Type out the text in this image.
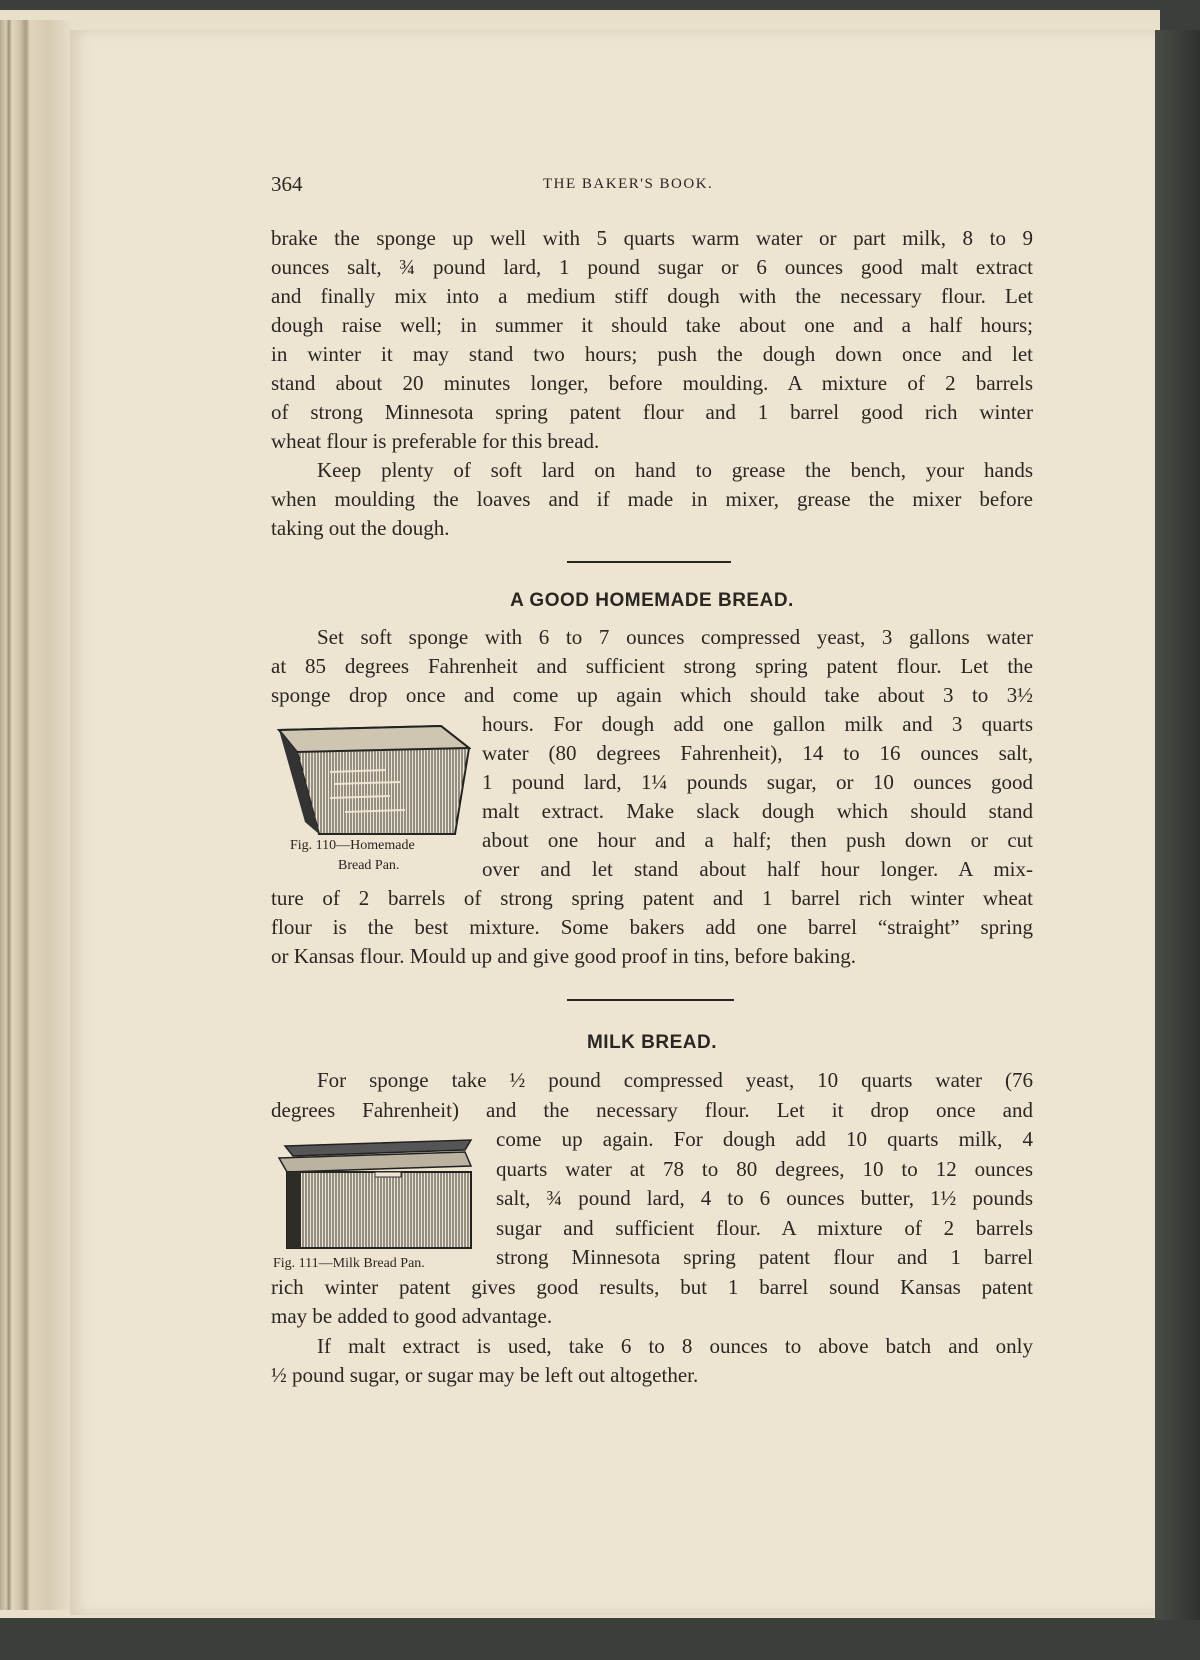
364	THE BAKER'S BOOK.
brake the sponge up well with 5 quarts warm water or part milk, 8 to 9
ounces salt, ¾ pound lard, 1 pound sugar or 6 ounces good malt extract
and finally mix into a medium stiff dough with the necessary flour. Let
dough raise well; in summer it should take about one and a half hours;
in winter it may stand two hours; push the dough down once and let
stand about 20 minutes longer, before moulding. A mixture of 2 barrels
of strong Minnesota spring patent flour and 1 barrel good rich winter
wheat flour is preferable for this bread.
Keep plenty of soft lard on hand to grease the bench, your hands
when moulding the loaves and if made in mixer, grease the mixer before
taking out the dough.
Set soft sponge with 6 to 7 ounces compressed yeast, 3 gallons water
at 85 degrees Fahrenheit and sufficient strong spring patent flour. Let the
sponge drop once and come up again which should take about 3 to 3½
hours. For dough add one gallon milk and 3 quarts
water (80 degrees Fahrenheit), 14 to 16 ounces salt,
1 pound lard, 1¼ pounds sugar, or 10 ounces good
malt extract. Make slack dough which should stand
about one hour and a half; then push down or cut
over and let stand about half hour longer. A mix-
ture of 2 barrels of strong spring patent and 1 barrel rich winter wheat
flour is the best mixture. Some bakers add one barrel “straight” spring
or Kansas flour. Mould up and give good proof in tins, before baking.
For sponge take ½ pound compressed yeast, 10 quarts water (76
degrees Fahrenheit) and the necessary flour. Let it drop once and
come up again. For dough add 10 quarts milk, 4
quarts water at 78 to 80 degrees, 10 to 12 ounces
salt, ¾ pound lard, 4 to 6 ounces butter, 1½ pounds
sugar and sufficient flour. A mixture of 2 barrels
strong Minnesota spring patent flour and 1 barrel
rich winter patent gives good results, but 1 barrel sound Kansas patent
may be added to good advantage.
If malt extract is used, take 6 to 8 ounces to above batch and only
½ pound sugar, or sugar may be left out altogether.
A GOOD HOMEMADE BREAD.
Fig. 110—Homemade
Bread Pan.
MILK BREAD.
Fig. 111—Milk Bread Pan.
